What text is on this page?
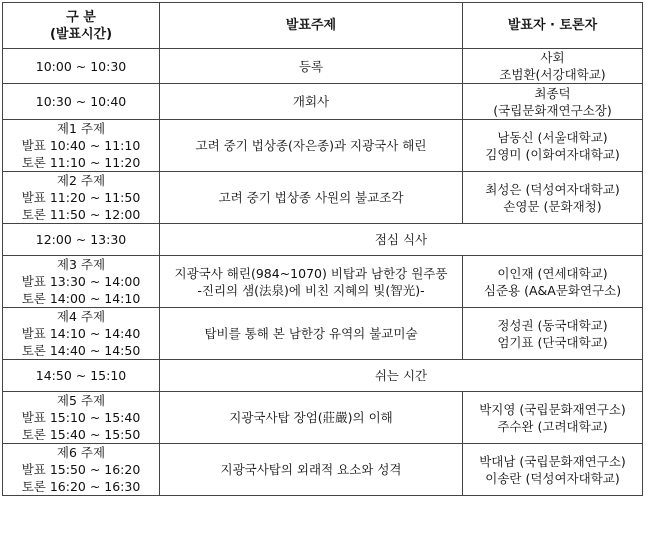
구 분
(발표시간)	발표주제	발표자 · 토론자
10:00 ~ 10:30	등록	사회
조범환(서강대학교)

10:30 ~ 10:40	개회사	최종덕
(국립문화재연구소장)

제1 주제
발표 10:40 ~ 11:10
토론 11:10 ~ 11:20	고려 중기 법상종(자은종)과 지광국사 해린	남동신 (서울대학교)
김영미 (이화여자대학교)

제2 주제
발표 11:20 ~ 11:50
토론 11:50 ~ 12:00	고려 중기 법상종 사원의 불교조각	최성은 (덕성여자대학교)
손영문 (문화재청)

12:00 ~ 13:30	점심 식사	

제3 주제
발표 13:30 ~ 14:00
토론 14:00 ~ 14:10	지광국사 해린(984~1070) 비탑과 남한강 원주풍
-진리의 샘(法泉)에 비친 지혜의 빛(智光)-	이인재 (연세대학교)
심준용 (A&A문화연구소)

제4 주제
발표 14:10 ~ 14:40
토론 14:40 ~ 14:50	탑비를 통해 본 남한강 유역의 불교미술	정성권 (동국대학교)
엄기표 (단국대학교)

14:50 ~ 15:10	쉬는 시간	

제5 주제
발표 15:10 ~ 15:40
토론 15:40 ~ 15:50	지광국사탑 장엄(莊嚴)의 이해	박지영 (국립문화재연구소)
주수완 (고려대학교)

제6 주제
발표 15:50 ~ 16:20
토론 16:20 ~ 16:30	지광국사탑의 외래적 요소와 성격	박대남 (국립문화재연구소)
이송란 (덕성여자대학교)
